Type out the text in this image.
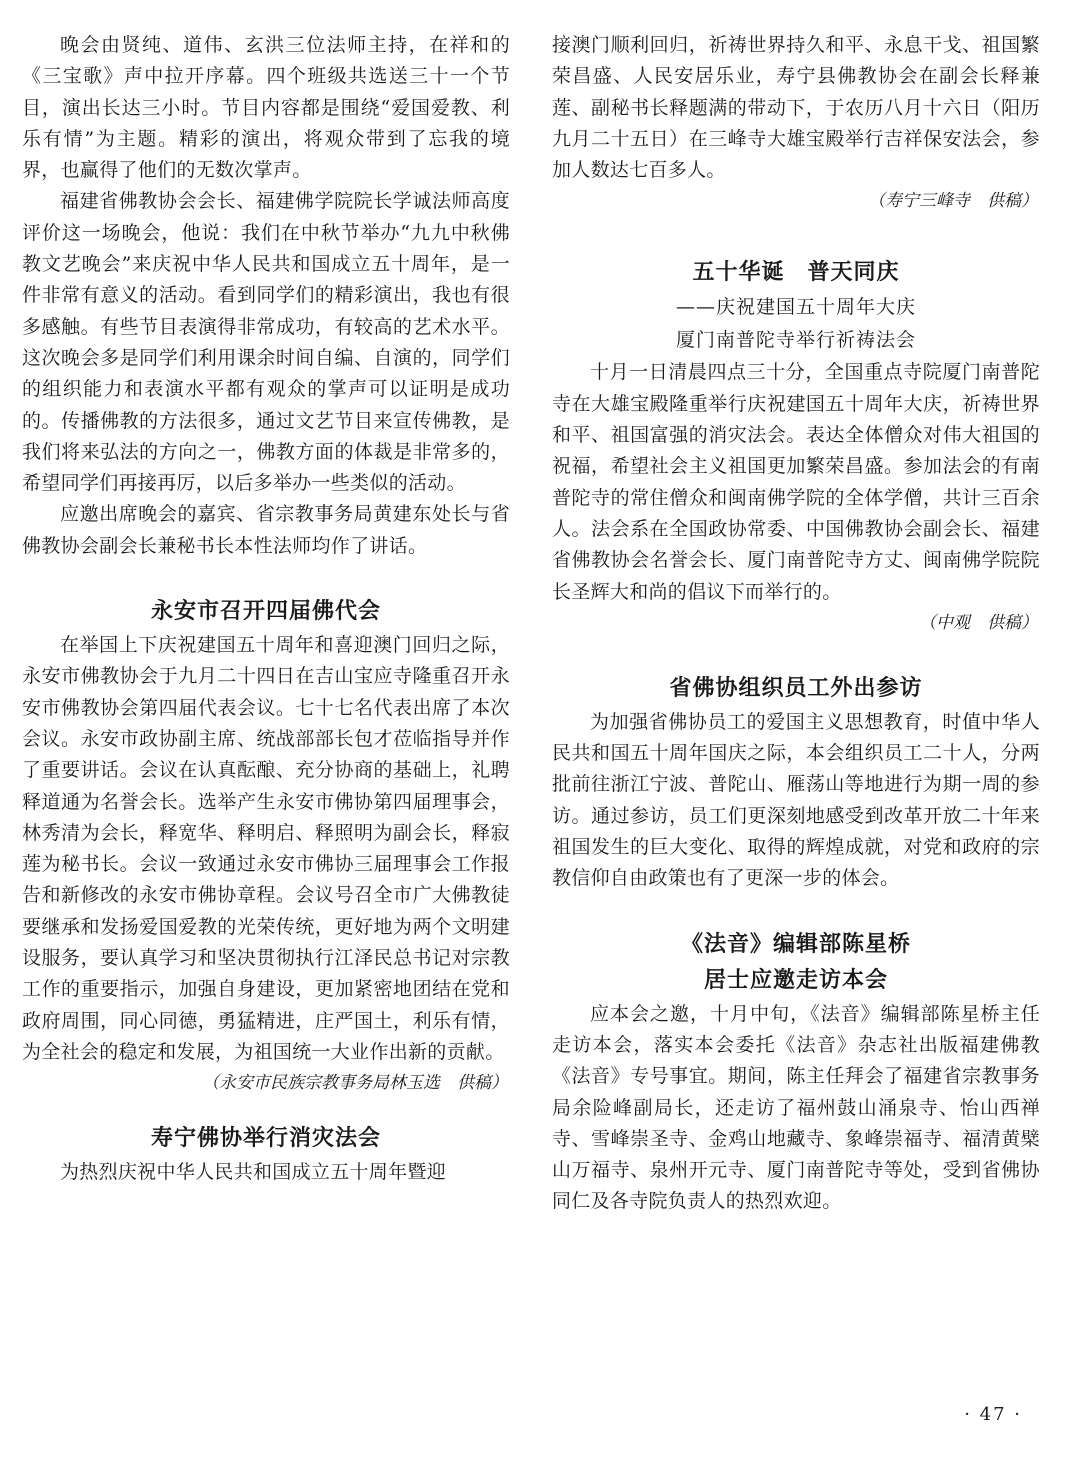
晚会由贤纯、道伟、玄洪三位法师主持，在祥和的《三宝歌》声中拉开序幕。四个班级共选送三十一个节目，演出长达三小时。节目内容都是围绕“爱国爱教、利乐有情”为主题。精彩的演出，将观众带到了忘我的境界，也赢得了他们的无数次掌声。

福建省佛教协会会长、福建佛学院院长学诚法师高度评价这一场晚会，他说：我们在中秋节举办“九九中秋佛教文艺晚会”来庆祝中华人民共和国成立五十周年，是一件非常有意义的活动。看到同学们的精彩演出，我也有很多感触。有些节目表演得非常成功，有较高的艺术水平。这次晚会多是同学们利用课余时间自编、自演的，同学们的组织能力和表演水平都有观众的掌声可以证明是成功的。传播佛教的方法很多，通过文艺节目来宣传佛教，是我们将来弘法的方向之一，佛教方面的体裁是非常多的，希望同学们再接再厉，以后多举办一些类似的活动。

应邀出席晚会的嘉宾、省宗教事务局黄建东处长与省佛教协会副会长兼秘书长本性法师均作了讲话。

永安市召开四届佛代会

在举国上下庆祝建国五十周年和喜迎澳门回归之际，永安市佛教协会于九月二十四日在吉山宝应寺隆重召开永安市佛教协会第四届代表会议。七十七名代表出席了本次会议。永安市政协副主席、统战部部长包才莅临指导并作了重要讲话。会议在认真酝酿、充分协商的基础上，礼聘释道通为名誉会长。选举产生永安市佛协第四届理事会，林秀清为会长，释宽华、释明启、释照明为副会长，释寂莲为秘书长。会议一致通过永安市佛协三届理事会工作报告和新修改的永安市佛协章程。会议号召全市广大佛教徒要继承和发扬爱国爱教的光荣传统，更好地为两个文明建设服务，要认真学习和坚决贯彻执行江泽民总书记对宗教工作的重要指示，加强自身建设，更加紧密地团结在党和政府周围，同心同德，勇猛精进，庄严国土，利乐有情，为全社会的稳定和发展，为祖国统一大业作出新的贡献。

（永安市民族宗教事务局林玉选　供稿）
寿宁佛协举行消灾法会

为热烈庆祝中华人民共和国成立五十周年暨迎

接澳门顺利回归，祈祷世界持久和平、永息干戈、祖国繁荣昌盛、人民安居乐业，寿宁县佛教协会在副会长释兼莲、副秘书长释题满的带动下，于农历八月十六日（阳历九月二十五日）在三峰寺大雄宝殿举行吉祥保安法会，参加人数达七百多人。

（寿宁三峰寺　供稿）
五十华诞　普天同庆
——庆祝建国五十周年大庆
厦门南普陀寺举行祈祷法会

十月一日清晨四点三十分，全国重点寺院厦门南普陀寺在大雄宝殿隆重举行庆祝建国五十周年大庆，祈祷世界和平、祖国富强的消灾法会。表达全体僧众对伟大祖国的祝福，希望社会主义祖国更加繁荣昌盛。参加法会的有南普陀寺的常住僧众和闽南佛学院的全体学僧，共计三百余人。法会系在全国政协常委、中国佛教协会副会长、福建省佛教协会名誉会长、厦门南普陀寺方丈、闽南佛学院院长圣辉大和尚的倡议下而举行的。

（中观　供稿）
省佛协组织员工外出参访

为加强省佛协员工的爱国主义思想教育，时值中华人民共和国五十周年国庆之际，本会组织员工二十人，分两批前往浙江宁波、普陀山、雁荡山等地进行为期一周的参访。通过参访，员工们更深刻地感受到改革开放二十年来祖国发生的巨大变化、取得的辉煌成就，对党和政府的宗教信仰自由政策也有了更深一步的体会。

《法音》编辑部陈星桥
居士应邀走访本会

应本会之邀，十月中旬，《法音》编辑部陈星桥主任走访本会，落实本会委托《法音》杂志社出版福建佛教《法音》专号事宜。期间，陈主任拜会了福建省宗教事务局余险峰副局长，还走访了福州鼓山涌泉寺、怡山西禅寺、雪峰崇圣寺、金鸡山地藏寺、象峰崇福寺、福清黄檗山万福寺、泉州开元寺、厦门南普陀寺等处，受到省佛协同仁及各寺院负责人的热烈欢迎。

· 47 ·
